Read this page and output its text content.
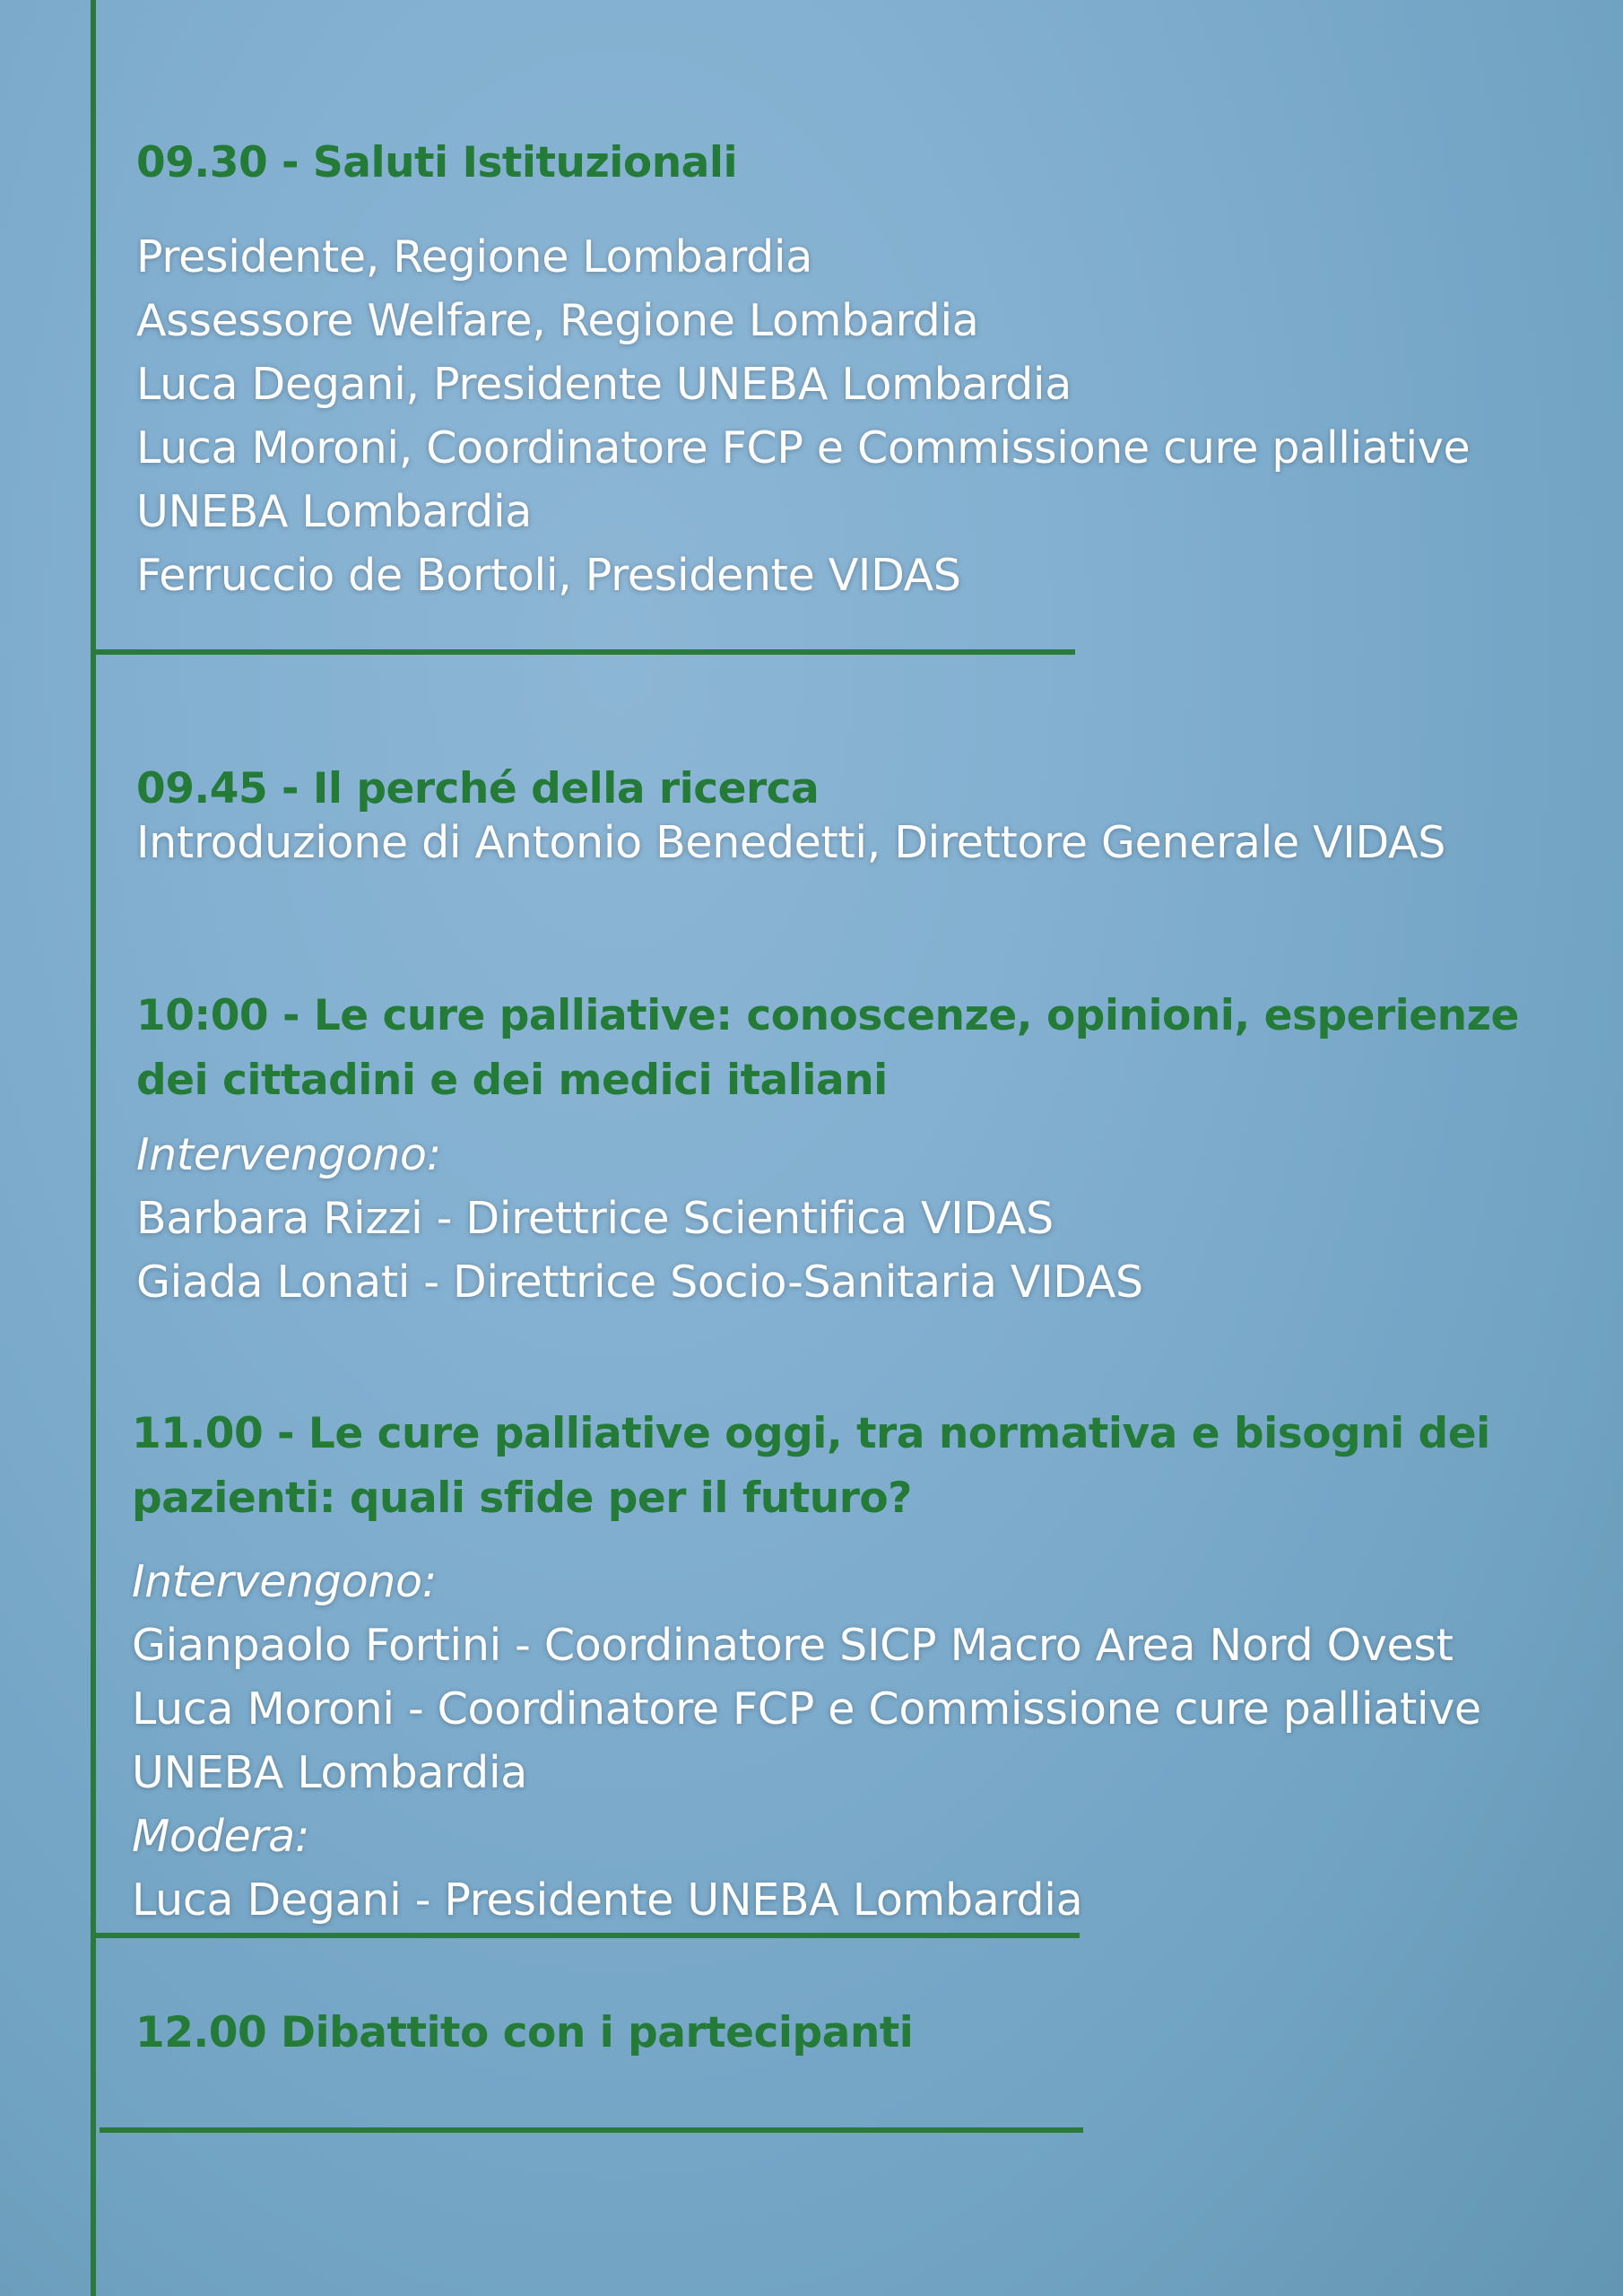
09.30 - Saluti Istituzionali
Presidente, Regione Lombardia
Assessore Welfare, Regione Lombardia
Luca Degani, Presidente UNEBA Lombardia
Luca Moroni, Coordinatore FCP e Commissione cure palliative
UNEBA Lombardia
Ferruccio de Bortoli, Presidente VIDAS
09.45 - Il perché della ricerca
Introduzione di Antonio Benedetti, Direttore Generale VIDAS
10:00 - Le cure palliative: conoscenze, opinioni, esperienze
dei cittadini e dei medici italiani
Intervengono:
Barbara Rizzi - Direttrice Scientifica VIDAS
Giada Lonati - Direttrice Socio-Sanitaria VIDAS
11.00 - Le cure palliative oggi, tra normativa e bisogni dei
pazienti: quali sfide per il futuro?
Intervengono:
Gianpaolo Fortini - Coordinatore SICP Macro Area Nord Ovest
Luca Moroni - Coordinatore FCP e Commissione cure palliative
UNEBA Lombardia
Modera:
Luca Degani - Presidente UNEBA Lombardia
12.00 Dibattito con i partecipanti
